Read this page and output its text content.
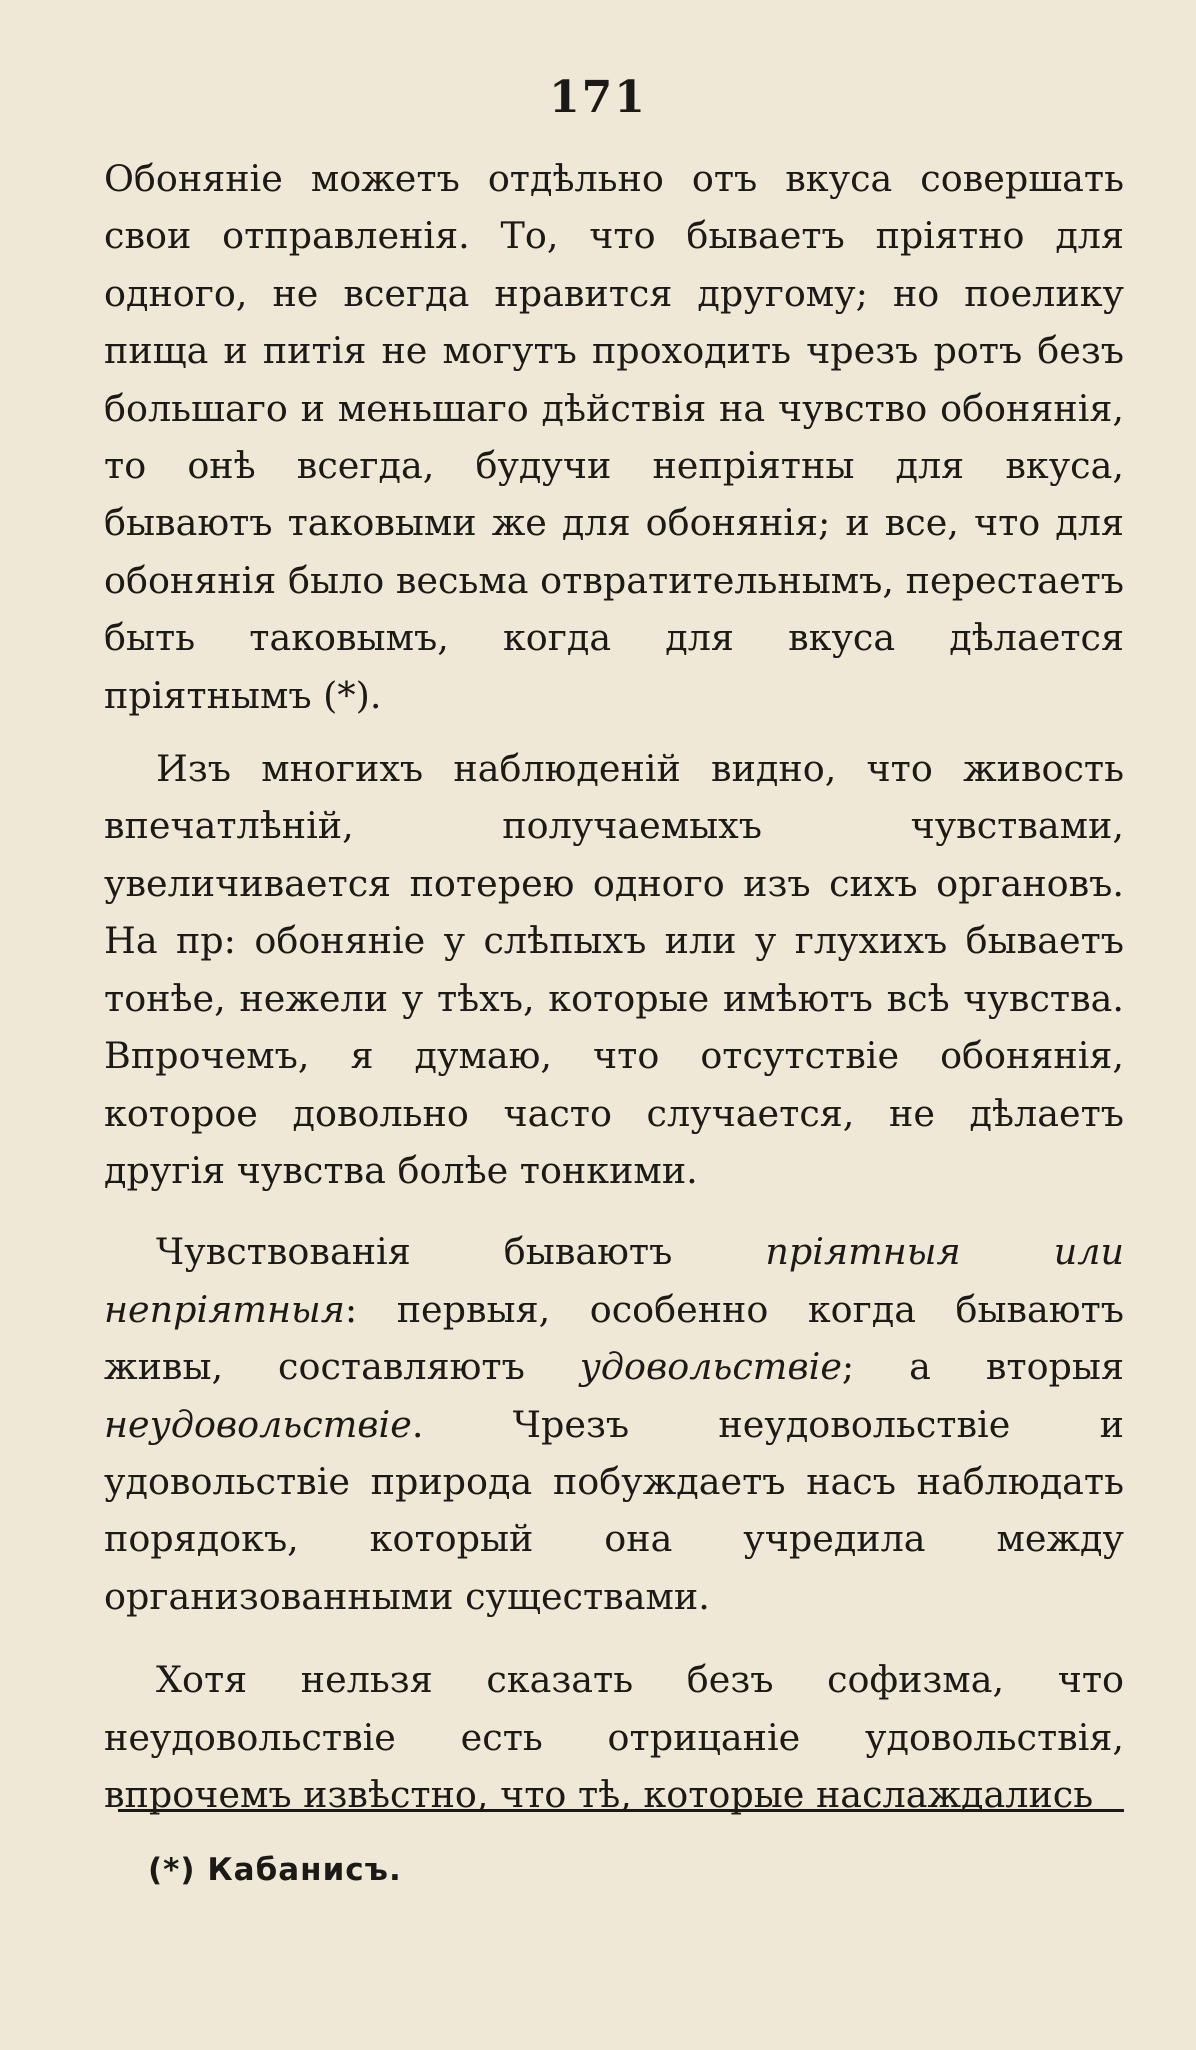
171

Обоняніе можетъ отдѣльно отъ вкуса совершать свои отправленія. То, что бываетъ пріятно для одного, не всегда нравится другому; но поелику пища и питія не могутъ проходить чрезъ ротъ безъ большаго и меньшаго дѣйствія на чувство обонянія, то онѣ всегда, будучи непріятны для вкуса, бываютъ таковыми же для обонянія; и все, что для обонянія было весьма отвратительнымъ, перестаетъ быть таковымъ, когда для вкуса дѣлается пріятнымъ (*).

Изъ многихъ наблюденій видно, что живость впечатлѣній, получаемыхъ чувствами, увеличивается потерею одного изъ сихъ органовъ. На пр: обоняніе у слѣпыхъ или у глухихъ бываетъ тонѣе, нежели у тѣхъ, которые имѣютъ всѣ чувства. Впрочемъ, я думаю, что отсутствіе обонянія, которое довольно часто случается, не дѣлаетъ другія чувства болѣе тонкими.

Чувствованія бываютъ пріятныя или непріятныя: первыя, особенно когда бываютъ живы, составляютъ удовольствіе; а вторыя неудовольствіе. Чрезъ неудовольствіе и удовольствіе природа побуждаетъ насъ наблюдать порядокъ, который она учредила между организованными существами.

Хотя нельзя сказать безъ софизма, что неудовольствіе есть отрицаніе удовольствія, впрочемъ извѣстно, что тѣ, которые наслаждались

(*) Кабанисъ.
